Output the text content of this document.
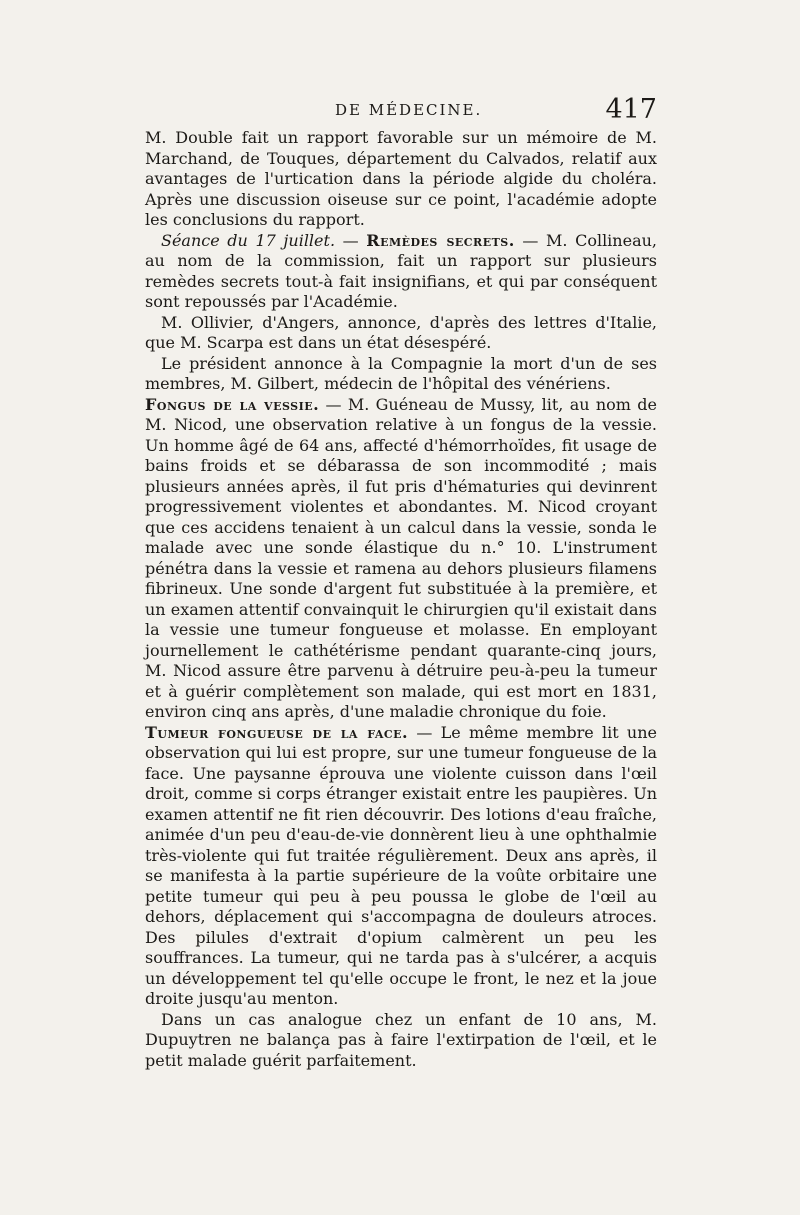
DE MÉDECINE.	417

M. Double fait un rapport favorable sur un mémoire de M. Marchand, de Touques, département du Calvados, relatif aux avantages de l'urtication dans la période algide du choléra. Après une discussion oiseuse sur ce point, l'académie adopte les conclusions du rapport.

Séance du 17 juillet. — Remèdes secrets. — M. Collineau, au nom de la commission, fait un rapport sur plusieurs remèdes secrets tout-à fait insignifians, et qui par conséquent sont repoussés par l'Académie.

M. Ollivier, d'Angers, annonce, d'après des lettres d'Italie, que M. Scarpa est dans un état désespéré.

Le président annonce à la Compagnie la mort d'un de ses membres, M. Gilbert, médecin de l'hôpital des vénériens.

Fongus de la vessie. — M. Guéneau de Mussy, lit, au nom de M. Nicod, une observation relative à un fongus de la vessie. Un homme âgé de 64 ans, affecté d'hémorrhoïdes, fit usage de bains froids et se débarassa de son incommodité ; mais plusieurs années après, il fut pris d'hématuries qui devinrent progressivement violentes et abondantes. M. Nicod croyant que ces accidens tenaient à un calcul dans la vessie, sonda le malade avec une sonde élastique du n.° 10. L'instrument pénétra dans la vessie et ramena au dehors plusieurs filamens fibrineux. Une sonde d'argent fut substituée à la première, et un examen attentif convainquit le chirurgien qu'il existait dans la vessie une tumeur fongueuse et molasse. En employant journellement le cathétérisme pendant quarante-cinq jours, M. Nicod assure être parvenu à détruire peu-à-peu la tumeur et à guérir complètement son malade, qui est mort en 1831, environ cinq ans après, d'une maladie chronique du foie.

Tumeur fongueuse de la face. — Le même membre lit une observation qui lui est propre, sur une tumeur fongueuse de la face. Une paysanne éprouva une violente cuisson dans l'œil droit, comme si corps étranger existait entre les paupières. Un examen attentif ne fit rien découvrir. Des lotions d'eau fraîche, animée d'un peu d'eau-de-vie donnèrent lieu à une ophthalmie très-violente qui fut traitée régulièrement. Deux ans après, il se manifesta à la partie supérieure de la voûte orbitaire une petite tumeur qui peu à peu poussa le globe de l'œil au dehors, déplacement qui s'accompagna de douleurs atroces. Des pilules d'extrait d'opium calmèrent un peu les souffrances. La tumeur, qui ne tarda pas à s'ulcérer, a acquis un développement tel qu'elle occupe le front, le nez et la joue droite jusqu'au menton.

Dans un cas analogue chez un enfant de 10 ans, M. Dupuytren ne balança pas à faire l'extirpation de l'œil, et le petit malade guérit parfaitement.
